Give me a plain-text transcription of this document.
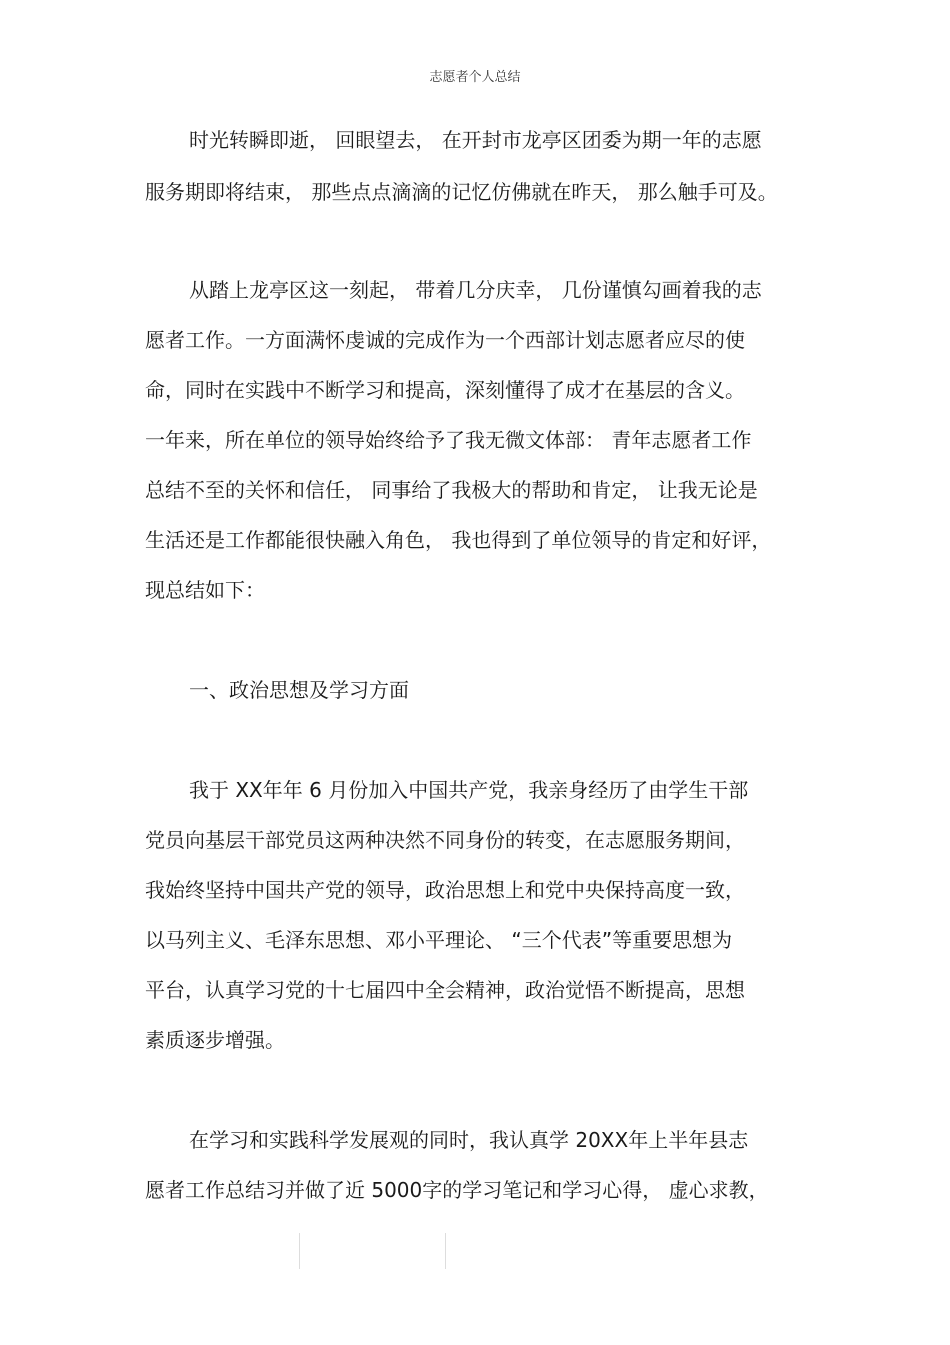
志愿者个人总结
时光转瞬即逝， 回眼望去， 在开封市龙亭区团委为期一年的志愿
服务期即将结束， 那些点点滴滴的记忆仿佛就在昨天， 那么触手可及。
从踏上龙亭区这一刻起， 带着几分庆幸， 几份谨慎勾画着我的志
愿者工作。一方面满怀虔诚的完成作为一个西部计划志愿者应尽的使
命，同时在实践中不断学习和提高，深刻懂得了成才在基层的含义。
一年来，所在单位的领导始终给予了我无微文体部： 青年志愿者工作
总结不至的关怀和信任， 同事给了我极大的帮助和肯定， 让我无论是
生活还是工作都能很快融入角色， 我也得到了单位领导的肯定和好评，
现总结如下：
一、政治思想及学习方面
我于 XX年年 6 月份加入中国共产党，我亲身经历了由学生干部
党员向基层干部党员这两种决然不同身份的转变，在志愿服务期间，
我始终坚持中国共产党的领导，政治思想上和党中央保持高度一致，
以马列主义、毛泽东思想、邓小平理论、 “三个代表”等重要思想为
平台，认真学习党的十七届四中全会精神，政治觉悟不断提高，思想
素质逐步增强。
在学习和实践科学发展观的同时，我认真学 20XX年上半年县志
愿者工作总结习并做了近 5000字的学习笔记和学习心得， 虚心求教，
